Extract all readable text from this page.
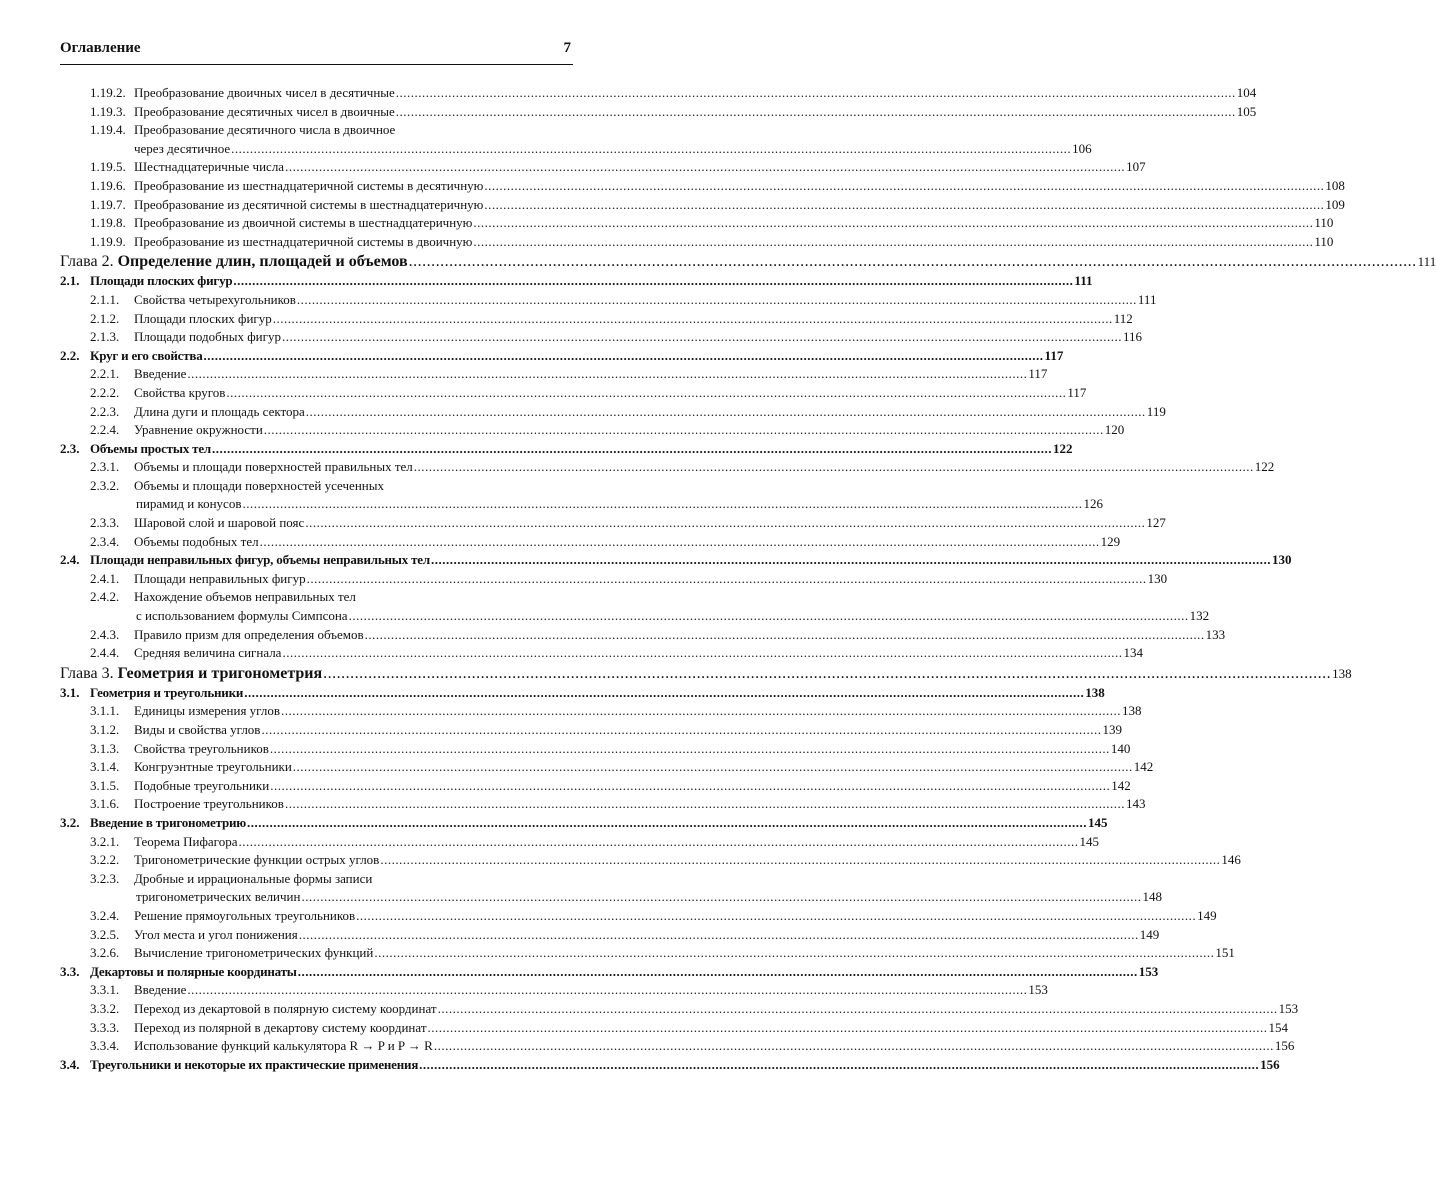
Оглавление	7
1.19.2. Преобразование двоичных чисел в десятичные .....	104
1.19.3. Преобразование десятичных чисел в двоичные .....	105
1.19.4. Преобразование десятичного числа в двоичное
через десятичное .....	106
1.19.5. Шестнадцатеричные числа .....	107
1.19.6. Преобразование из шестнадцатеричной системы в десятичную .....	108
1.19.7. Преобразование из десятичной системы в шестнадцатеричную .....	109
1.19.8. Преобразование из двоичной системы в шестнадцатеричную .....	110
1.19.9. Преобразование из шестнадцатеричной системы в двоичную .....	110
Глава 2. Определение длин, площадей и объемов .....	111
2.1. Площади плоских фигур .....	111
2.1.1.	Свойства четырехугольников .....	111
2.1.2.	Площади плоских фигур .....	112
2.1.3.	Площади подобных фигур .....	116
2.2. Круг и его свойства .....	117
2.2.1.	Введение .....	117
2.2.2.	Свойства кругов .....	117
2.2.3.	Длина дуги и площадь сектора .....	119
2.2.4.	Уравнение окружности .....	120
2.3. Объемы простых тел .....	122
2.3.1.	Объемы и площади поверхностей правильных тел .....	122
2.3.2.	Объемы и площади поверхностей усеченных
пирамид и конусов .....	126
2.3.3.	Шаровой слой и шаровой пояс .....	127
2.3.4.	Объемы подобных тел .....	129
2.4. Площади неправильных фигур, объемы неправильных тел .....	130
2.4.1.	Площади неправильных фигур .....	130
2.4.2.	Нахождение объемов неправильных тел
с использованием формулы Симпсона .....	132
2.4.3.	Правило призм для определения объемов .....	133
2.4.4.	Средняя величина сигнала .....	134
Глава 3. Геометрия и тригонометрия .....	138
3.1. Геометрия и треугольники .....	138
3.1.1.	Единицы измерения углов .....	138
3.1.2.	Виды и свойства углов .....	139
3.1.3.	Свойства треугольников .....	140
3.1.4.	Конгруэнтные треугольники .....	142
3.1.5.	Подобные треугольники .....	142
3.1.6.	Построение треугольников .....	143
3.2. Введение в тригонометрию .....	145
3.2.1.	Теорема Пифагора .....	145
3.2.2.	Тригонометрические функции острых углов .....	146
3.2.3.	Дробные и иррациональные формы записи
тригонометрических величин .....	148
3.2.4.	Решение прямоугольных треугольников .....	149
3.2.5.	Угол места и угол понижения .....	149
3.2.6.	Вычисление тригонометрических функций .....	151
3.3. Декартовы и полярные координаты .....	153
3.3.1.	Введение .....	153
3.3.2.	Переход из декартовой в полярную систему координат .....	153
3.3.3.	Переход из полярной в декартову систему координат .....	154
3.3.4.	Использование функций калькулятора R → P и P → R .....	156
3.4. Треугольники и некоторые их практические применения .....	156
